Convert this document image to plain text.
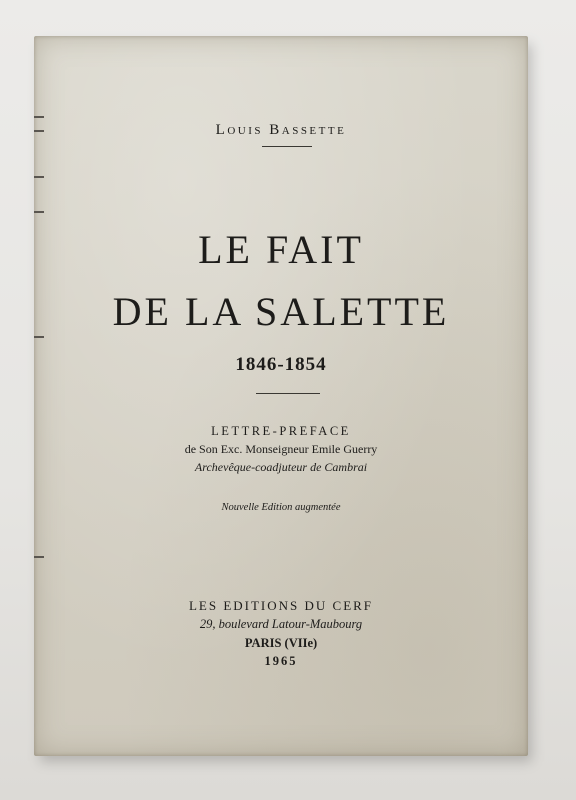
Louis Bassette
LE FAIT
DE LA SALETTE
1846-1854
LETTRE-PREFACE
de Son Exc. Monseigneur Emile Guerry
Archevêque-coadjuteur de Cambrai
Nouvelle Edition augmentée
LES EDITIONS DU CERF
29, boulevard Latour-Maubourg
PARIS (VIIe)
1965
